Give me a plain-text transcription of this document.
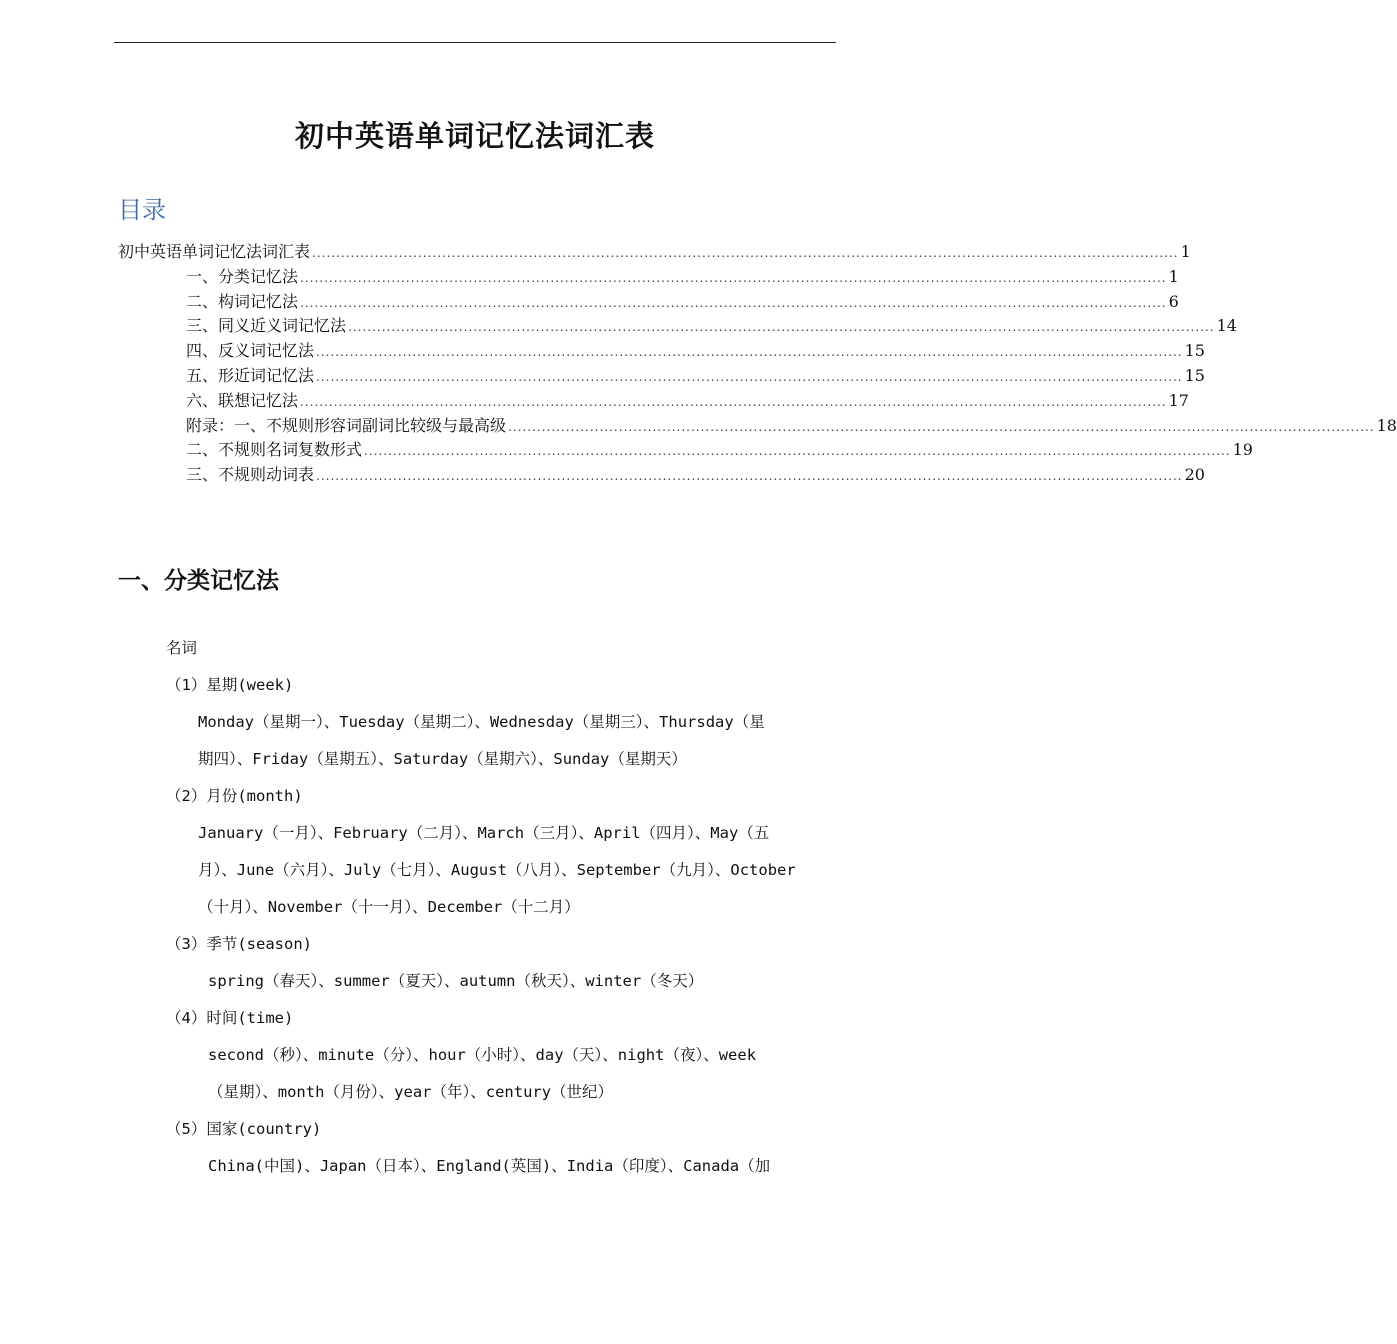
初中英语单词记忆法词汇表
目录
初中英语单词记忆法词汇表 .................................................................................................................................................................................... 1
一、分类记忆法 .................................................................................................................................................................................... 1
二、构词记忆法 .................................................................................................................................................................................... 6
三、同义近义词记忆法 .................................................................................................................................................................................... 14
四、反义词记忆法 .................................................................................................................................................................................... 15
五、形近词记忆法 .................................................................................................................................................................................... 15
六、联想记忆法 .................................................................................................................................................................................... 17
附录：一、不规则形容词副词比较级与最高级 .................................................................................................................................................................................... 18
二、不规则名词复数形式 .................................................................................................................................................................................... 19
三、不规则动词表 .................................................................................................................................................................................... 20
一、分类记忆法
名词
（1）星期(week)
Monday（星期一）、Tuesday（星期二）、Wednesday（星期三）、Thursday（星
期四）、Friday（星期五）、Saturday（星期六）、Sunday（星期天）
（2）月份(month)
January（一月）、February（二月）、March（三月）、April（四月）、May（五
月）、June（六月）、July（七月）、August（八月）、September（九月）、October
（十月）、November（十一月）、December（十二月）
（3）季节(season)
spring（春天）、summer（夏天）、autumn（秋天）、winter（冬天）
（4）时间(time)
second（秒）、minute（分）、hour（小时）、day（天）、night（夜）、week
（星期）、month（月份）、year（年）、century（世纪）
（5）国家(country)
China(中国)、Japan（日本）、England(英国)、India（印度）、Canada（加
